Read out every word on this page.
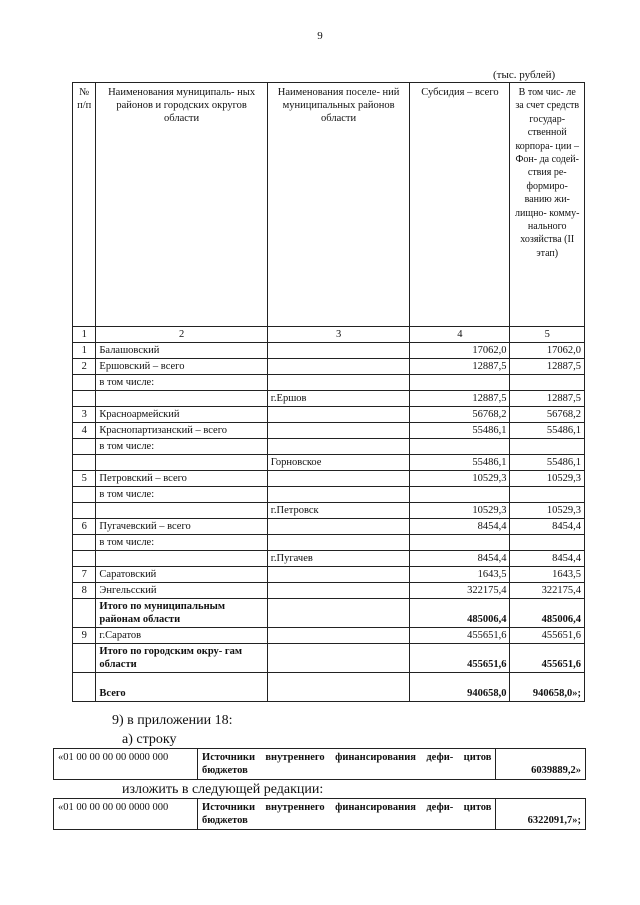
9
(тыс. рублей)
№ п/п	Наименования муниципаль- ных районов и городских округов области	Наименования поселе- ний муниципальных районов области	Субсидия – всего	В том чис- ле за счет средств государ- ственной корпора- ции – Фон- да содей- ствия ре- формиро- ванию жи- лищно- комму- нального хозяйства (II этап)
1	2	3	4	5
1	Балашовский		17062,0	17062,0
2	Ершовский – всего		12887,5	12887,5
	в том числе:			
		г.Ершов	12887,5	12887,5
3	Красноармейский		56768,2	56768,2
4	Краснопартизанский – всего		55486,1	55486,1
	в том числе:			
		Горновское	55486,1	55486,1
5	Петровский – всего		10529,3	10529,3
	в том числе:			
		г.Петровск	10529,3	10529,3
6	Пугачевский – всего		8454,4	8454,4
	в том числе:			
		г.Пугачев	8454,4	8454,4
7	Саратовский		1643,5	1643,5
8	Энгельсский		322175,4	322175,4
	Итого по муниципальным районам области		485006,4	485006,4
9	г.Саратов		455651,6	455651,6
	Итого по городским окру- гам области		455651,6	455651,6
	Всего		940658,0	940658,0»;
9) в приложении 18:
а) строку
«01 00 00 00 00 0000 000	Источники внутреннего финансирования дефи- цитов бюджетов	6039889,2»
изложить в следующей редакции:
«01 00 00 00 00 0000 000	Источники внутреннего финансирования дефи- цитов бюджетов	6322091,7»;
